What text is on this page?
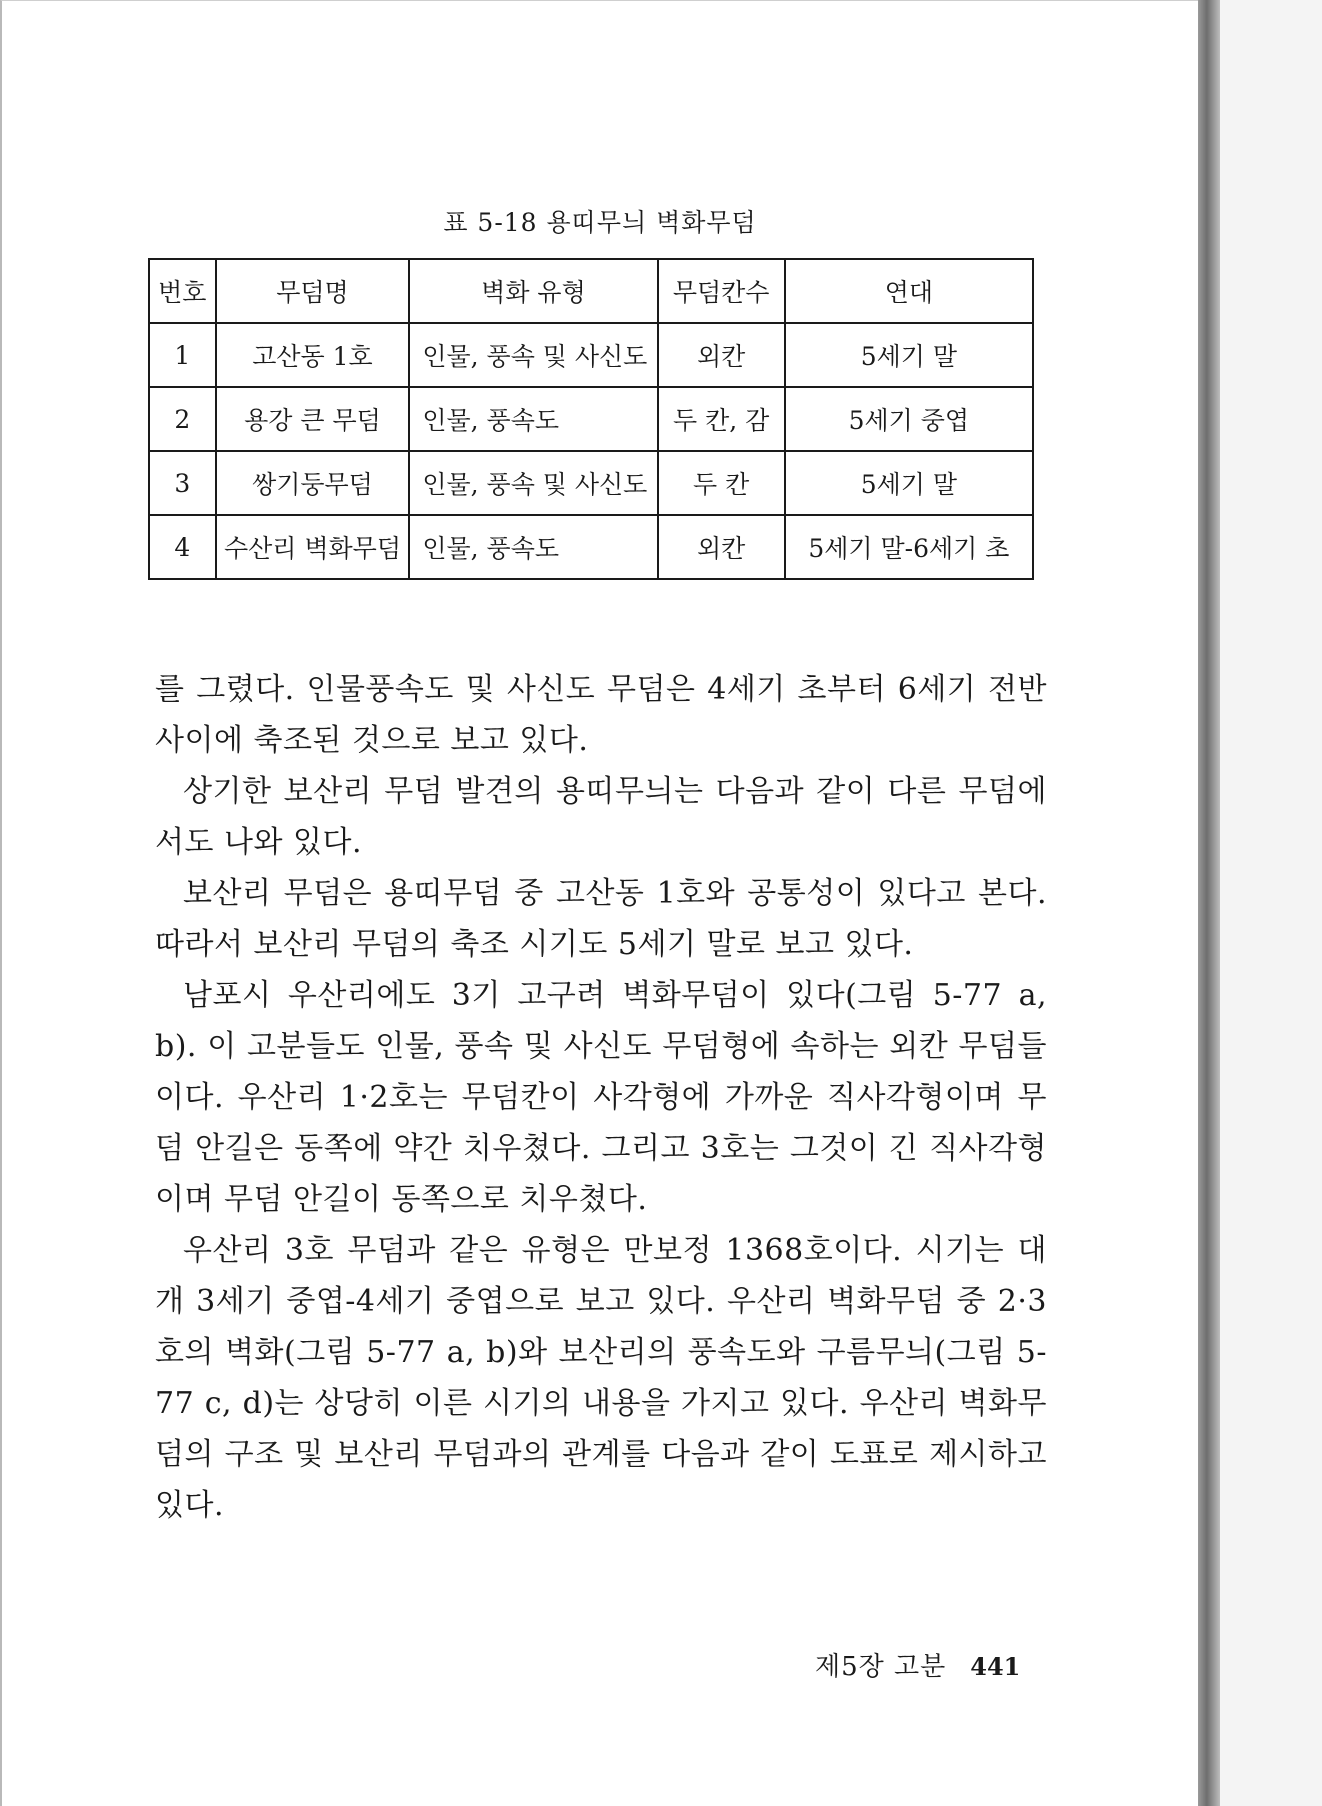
표 5-18 용띠무늬 벽화무덤
번호	무덤명	벽화 유형	무덤칸수	연대
1	고산동 1호	인물, 풍속 및 사신도	외칸	5세기 말
2	용강 큰 무덤	인물, 풍속도	두 칸, 감	5세기 중엽
3	쌍기둥무덤	인물, 풍속 및 사신도	두 칸	5세기 말
4	수산리 벽화무덤	인물, 풍속도	외칸	5세기 말-6세기 초

를 그렸다. 인물풍속도 및 사신도 무덤은 4세기 초부터 6세기 전반 사이에 축조된 것으로 보고 있다.

상기한 보산리 무덤 발견의 용띠무늬는 다음과 같이 다른 무덤에서도 나와 있다.

보산리 무덤은 용띠무덤 중 고산동 1호와 공통성이 있다고 본다. 따라서 보산리 무덤의 축조 시기도 5세기 말로 보고 있다.

남포시 우산리에도 3기 고구려 벽화무덤이 있다(그림 5-77 a, b). 이 고분들도 인물, 풍속 및 사신도 무덤형에 속하는 외칸 무덤들이다. 우산리 1·2호는 무덤칸이 사각형에 가까운 직사각형이며 무덤 안길은 동쪽에 약간 치우쳤다. 그리고 3호는 그것이 긴 직사각형이며 무덤 안길이 동쪽으로 치우쳤다.

우산리 3호 무덤과 같은 유형은 만보정 1368호이다. 시기는 대개 3세기 중엽-4세기 중엽으로 보고 있다. 우산리 벽화무덤 중 2·3호의 벽화(그림 5-77 a, b)와 보산리의 풍속도와 구름무늬(그림 5-77 c, d)는 상당히 이른 시기의 내용을 가지고 있다. 우산리 벽화무덤의 구조 및 보산리 무덤과의 관계를 다음과 같이 도표로 제시하고 있다.

제5장 고분 441
